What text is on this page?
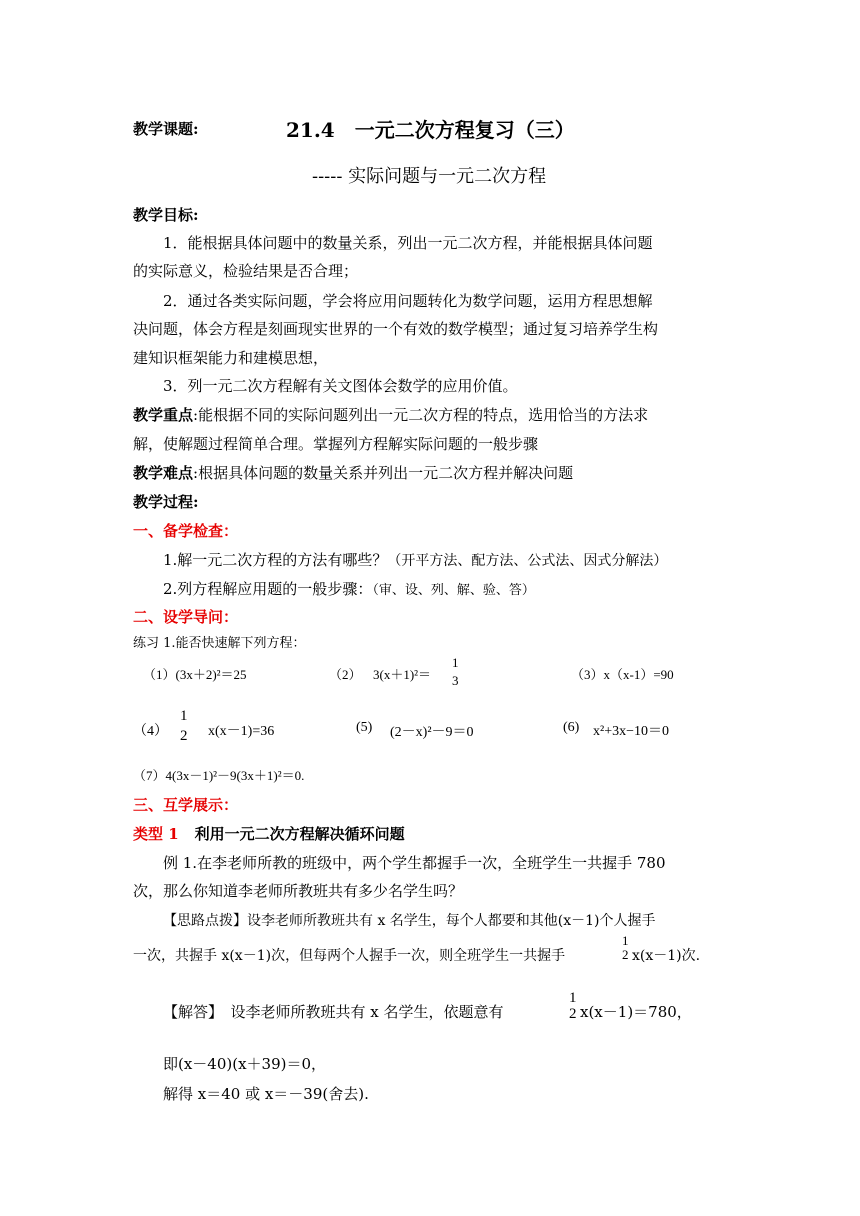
教学课题:	21.4　一元二次方程复习（三）
----- 实际问题与一元二次方程
教学目标:
1．能根据具体问题中的数量关系，列出一元二次方程，并能根据具体问题
的实际意义，检验结果是否合理；
2．通过各类实际问题，学会将应用问题转化为数学问题，运用方程思想解
决问题，体会方程是刻画现实世界的一个有效的数学模型；通过复习培养学生构
建知识框架能力和建模思想，
3．列一元二次方程解有关文图体会数学的应用价值。
教学重点:能根据不同的实际问题列出一元二次方程的特点，选用恰当的方法求
解，使解题过程简单合理。掌握列方程解实际问题的一般步骤
教学难点:根据具体问题的数量关系并列出一元二次方程并解决问题
教学过程:
一、备学检查：
1.解一元二次方程的方法有哪些？（开平方法、配方法、公式法、因式分解法）
2.列方程解应用题的一般步骤：（审、设、列、解、验、答）
二、设学导问：
练习 1.能否快速解下列方程：
（1）(3x＋2)²＝25	（2） 3(x＋1)²＝
1
3	（3）x（x-1）=90
（4）
1
2 x(x－1)=36	(5) (2－x)²－9＝0	(6) x²+3x−10＝0
（7）4(3x－1)²－9(3x＋1)²＝0.
三、互学展示：
类型 1 利用一元二次方程解决循环问题
例 1.在李老师所教的班级中，两个学生都握手一次，全班学生一共握手 780
次，那么你知道李老师所教班共有多少名学生吗？
【思路点拨】设李老师所教班共有 x 名学生，每个人都要和其他(x－1)个人握手
一次，共握手 x(x－1)次，但每两个人握手一次，则全班学生一共握手
1
2 x(x－1)次.
【解答】　设李老师所教班共有 x 名学生，依题意有
1
2 x(x－1)＝780，
即(x－40)(x＋39)＝0，
解得 x＝40 或 x＝－39(舍去).
